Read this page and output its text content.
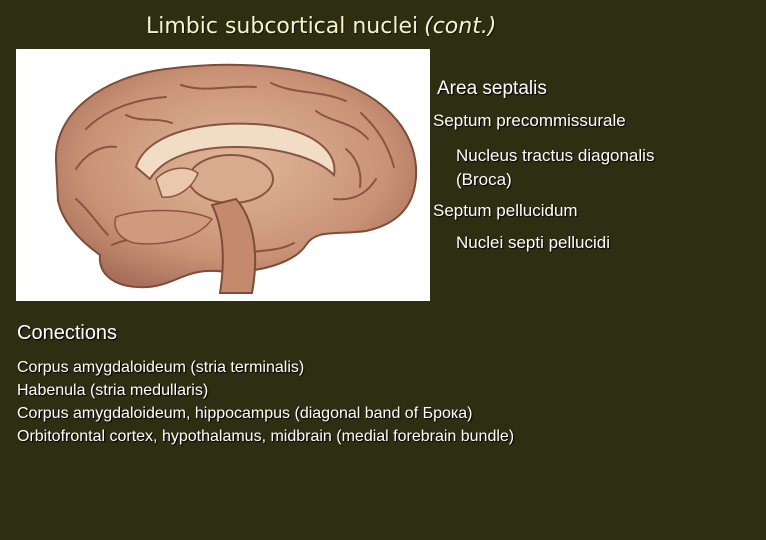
Limbic subcortical nuclei (cont.)
Area septalis
Septum precommissurale
Nucleus tractus diagonalis
(Broca)
Septum pellucidum
Nuclei septi pellucidi
Conections
Corpus amygdaloideum (stria terminalis)
Habenula (stria medullaris)
Corpus amygdaloideum, hippocampus (diagonal band of Брока)
Orbitofrontal cortex, hypothalamus, midbrain (medial forebrain bundle)
